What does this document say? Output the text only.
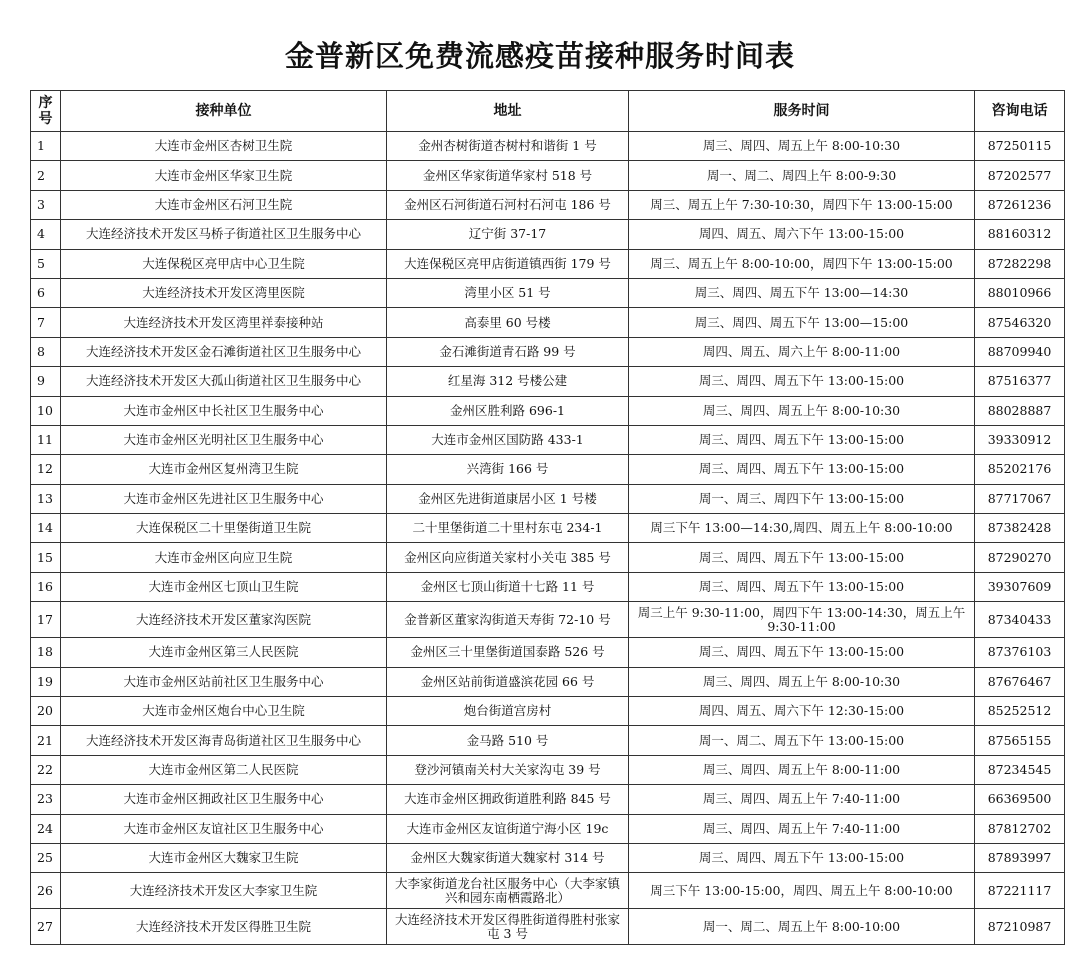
金普新区免费流感疫苗接种服务时间表
序号	接种单位	地址	服务时间	咨询电话
1	大连市金州区杏树卫生院	金州杏树街道杏树村和谐街 1 号	周三、周四、周五上午 8:00-10:30	87250115
2	大连市金州区华家卫生院	金州区华家街道华家村 518 号	周一、周二、周四上午 8:00-9:30	87202577
3	大连市金州区石河卫生院	金州区石河街道石河村石河屯 186 号	周三、周五上午 7:30-10:30，周四下午 13:00-15:00	87261236
4	大连经济技术开发区马桥子街道社区卫生服务中心	辽宁街 37-17	周四、周五、周六下午 13:00-15:00	88160312
5	大连保税区亮甲店中心卫生院	大连保税区亮甲店街道镇西街 179 号	周三、周五上午 8:00-10:00，周四下午 13:00-15:00	87282298
6	大连经济技术开发区湾里医院	湾里小区 51 号	周三、周四、周五下午 13:00—14:30	88010966
7	大连经济技术开发区湾里祥泰接种站	高泰里 60 号楼	周三、周四、周五下午 13:00—15:00	87546320
8	大连经济技术开发区金石滩街道社区卫生服务中心	金石滩街道青石路 99 号	周四、周五、周六上午 8:00-11:00	88709940
9	大连经济技术开发区大孤山街道社区卫生服务中心	红星海 312 号楼公建	周三、周四、周五下午 13:00-15:00	87516377
10	大连市金州区中长社区卫生服务中心	金州区胜利路 696-1	周三、周四、周五上午 8:00-10:30	88028887
11	大连市金州区光明社区卫生服务中心	大连市金州区国防路 433-1	周三、周四、周五下午 13:00-15:00	39330912
12	大连市金州区复州湾卫生院	兴湾街 166 号	周三、周四、周五下午 13:00-15:00	85202176
13	大连市金州区先进社区卫生服务中心	金州区先进街道康居小区 1 号楼	周一、周三、周四下午 13:00-15:00	87717067
14	大连保税区二十里堡街道卫生院	二十里堡街道二十里村东屯 234-1	周三下午 13:00—14:30,周四、周五上午 8:00-10:00	87382428
15	大连市金州区向应卫生院	金州区向应街道关家村小关屯 385 号	周三、周四、周五下午 13:00-15:00	87290270
16	大连市金州区七顶山卫生院	金州区七顶山街道十七路 11 号	周三、周四、周五下午 13:00-15:00	39307609
17	大连经济技术开发区董家沟医院	金普新区董家沟街道天寿街 72-10 号	周三上午 9:30-11:00，周四下午 13:00-14:30，周五上午 9:30-11:00	87340433
18	大连市金州区第三人民医院	金州区三十里堡街道国泰路 526 号	周三、周四、周五下午 13:00-15:00	87376103
19	大连市金州区站前社区卫生服务中心	金州区站前街道盛滨花园 66 号	周三、周四、周五上午 8:00-10:30	87676467
20	大连市金州区炮台中心卫生院	炮台街道宫房村	周四、周五、周六下午 12:30-15:00	85252512
21	大连经济技术开发区海青岛街道社区卫生服务中心	金马路 510 号	周一、周二、周五下午 13:00-15:00	87565155
22	大连市金州区第二人民医院	登沙河镇南关村大关家沟屯 39 号	周三、周四、周五上午 8:00-11:00	87234545
23	大连市金州区拥政社区卫生服务中心	大连市金州区拥政街道胜利路 845 号	周三、周四、周五上午 7:40-11:00	66369500
24	大连市金州区友谊社区卫生服务中心	大连市金州区友谊街道宁海小区 19c	周三、周四、周五上午 7:40-11:00	87812702
25	大连市金州区大魏家卫生院	金州区大魏家街道大魏家村 314 号	周三、周四、周五下午 13:00-15:00	87893997
26	大连经济技术开发区大李家卫生院	大李家街道龙台社区服务中心（大李家镇兴和园东南栖霞路北）	周三下午 13:00-15:00，周四、周五上午 8:00-10:00	87221117
27	大连经济技术开发区得胜卫生院	大连经济技术开发区得胜街道得胜村张家屯 3 号	周一、周二、周五上午 8:00-10:00	87210987
